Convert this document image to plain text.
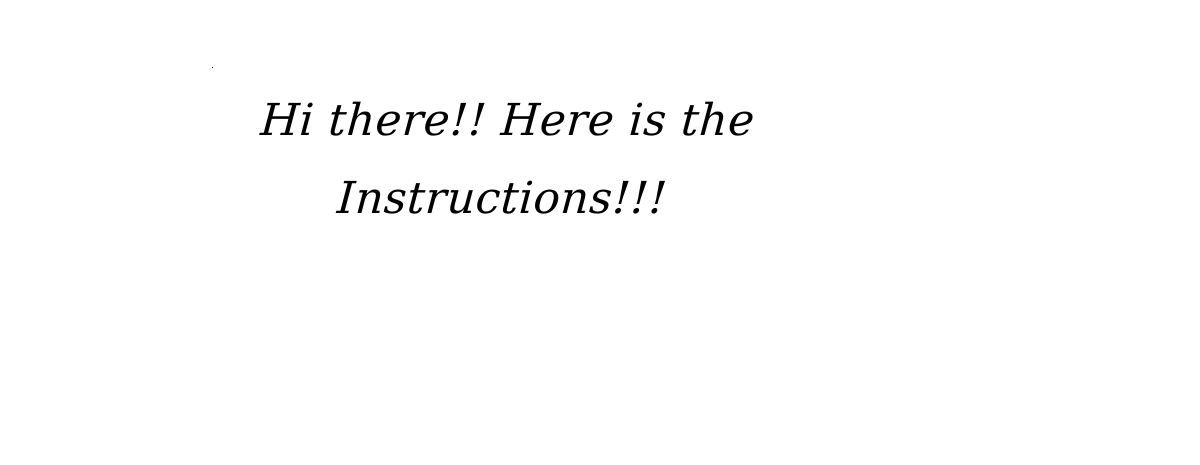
Hi there!! Here is the
Instructions!!!
